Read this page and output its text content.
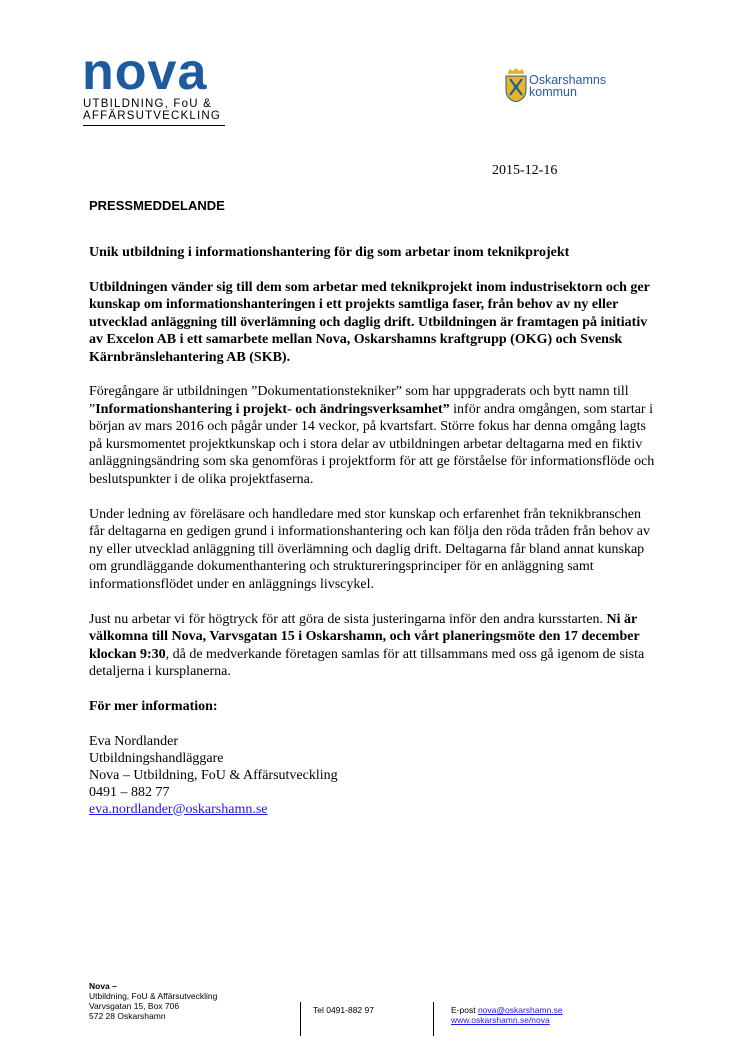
nova
UTBILDNING, FoU &
AFFÄRSUTVECKLING
Oskarshamns
kommun
2015-12-16
PRESSMEDDELANDE

Unik utbildning i informationshantering för dig som arbetar inom teknikprojekt

Utbildningen vänder sig till dem som arbetar med teknikprojekt inom industrisektorn och ger kunskap om informationshanteringen i ett projekts samtliga faser, från behov av ny eller utvecklad anläggning till överlämning och daglig drift. Utbildningen är framtagen på initiativ av Excelon AB i ett samarbete mellan Nova, Oskarshamns kraftgrupp (OKG) och Svensk Kärnbränslehantering AB (SKB).

Föregångare är utbildningen ”Dokumentationstekniker” som har uppgraderats och bytt namn till ”Informationshantering i projekt- och ändringsverksamhet” inför andra omgången, som startar i början av mars 2016 och pågår under 14 veckor, på kvartsfart. Större fokus har denna omgång lagts på kursmomentet projektkunskap och i stora delar av utbildningen arbetar deltagarna med en fiktiv anläggningsändring som ska genomföras i projektform för att ge förståelse för informationsflöde och beslutspunkter i de olika projektfaserna.

Under ledning av föreläsare och handledare med stor kunskap och erfarenhet från teknikbranschen får deltagarna en gedigen grund i informationshantering och kan följa den röda tråden från behov av ny eller utvecklad anläggning till överlämning och daglig drift. Deltagarna får bland annat kunskap om grundläggande dokumenthantering och struktureringsprinciper för en anläggning samt informationsflödet under en anläggnings livscykel.

Just nu arbetar vi för högtryck för att göra de sista justeringarna inför den andra kursstarten. Ni är välkomna till Nova, Varvsgatan 15 i Oskarshamn, och vårt planeringsmöte den 17 december klockan 9:30, då de medverkande företagen samlas för att tillsammans med oss gå igenom de sista detaljerna i kursplanerna.

För mer information:

Eva Nordlander
Utbildningshandläggare
Nova – Utbildning, FoU & Affärsutveckling
0491 – 882 77
eva.nordlander@oskarshamn.se
Nova –
Utbildning, FoU & Affärsutveckling
Varvsgatan 15, Box 706
572 28 Oskarshamn
Tel 0491-882 97	E-post nova@oskarshamn.se
www.oskarshamn.se/nova
